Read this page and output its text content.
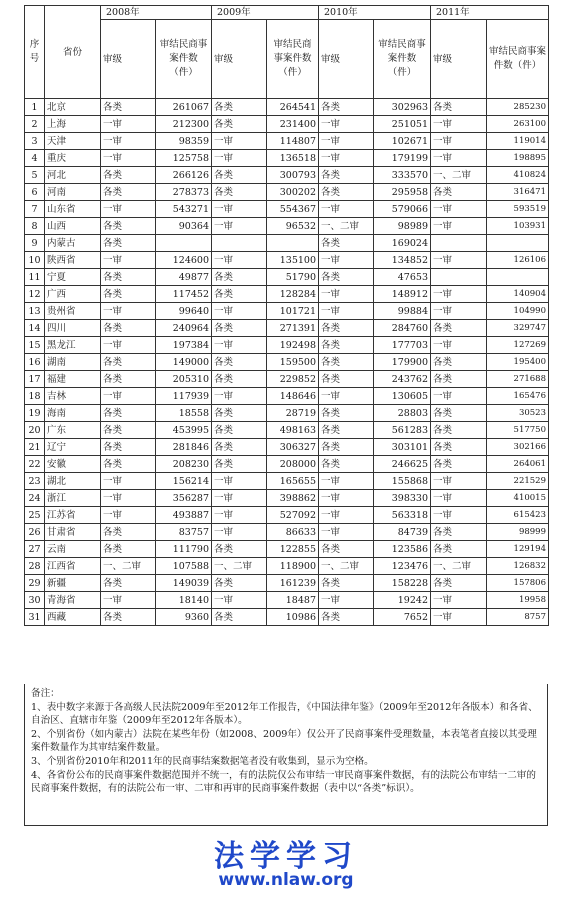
序号	省份	2008年		2009年		2010年		2011年	
		审级	审结民商事案件数（件）	审级	审结民商事案件数（件）	审级	审结民商事案件数（件）	审级	审结民商事案件数（件）
1	北京	各类	261067	各类	264541	各类	302963	各类	285230
2	上海	一审	212300	各类	231400	一审	251051	一审	263100
3	天津	一审	98359	一审	114807	一审	102671	一审	119014
4	重庆	一审	125758	一审	136518	一审	179199	一审	198895
5	河北	各类	266126	各类	300793	各类	333570	一、二审	410824
6	河南	各类	278373	各类	300202	各类	295958	各类	316471
7	山东省	一审	543271	一审	554367	一审	579066	一审	593519
8	山西	各类	90364	一审	96532	一、二审	98989	一审	103931
9	内蒙古	各类				各类	169024		
10	陕西省	一审	124600	一审	135100	一审	134852	一审	126106
11	宁夏	各类	49877	各类	51790	各类	47653		
12	广西	各类	117452	各类	128284	一审	148912	一审	140904
13	贵州省	一审	99640	一审	101721	一审	99884	一审	104990
14	四川	各类	240964	各类	271391	各类	284760	各类	329747
15	黑龙江	一审	197384	一审	192498	各类	177703	一审	127269
16	湖南	各类	149000	各类	159500	各类	179900	各类	195400
17	福建	各类	205310	各类	229852	各类	243762	各类	271688
18	吉林	一审	117939	一审	148646	一审	130605	一审	165476
19	海南	各类	18558	各类	28719	各类	28803	各类	30523
20	广东	各类	453995	各类	498163	各类	561283	各类	517750
21	辽宁	各类	281846	各类	306327	各类	303101	各类	302166
22	安徽	各类	208230	各类	208000	各类	246625	各类	264061
23	湖北	一审	156214	一审	165655	一审	155868	一审	221529
24	浙江	一审	356287	一审	398862	一审	398330	一审	410015
25	江苏省	一审	493887	一审	527092	一审	563318	一审	615423
26	甘肃省	各类	83757	一审	86633	一审	84739	各类	98999
27	云南	各类	111790	各类	122855	各类	123586	各类	129194
28	江西省	一、二审	107588	一、二审	118900	一、二审	123476	一、二审	126832
29	新疆	各类	149039	各类	161239	各类	158228	各类	157806
30	青海省	一审	18140	一审	18487	一审	19242	一审	19958
31	西藏	各类	9360	各类	10986	各类	7652	一审	8757

备注：

1、表中数字来源于各高级人民法院2009年至2012年工作报告，《中国法律年鉴》（2009年至2012年各版本）和各省、自治区、直辖市年鉴（2009年至2012年各版本）。

2、个别省份（如内蒙古）法院在某些年份（如2008、2009年）仅公开了民商事案件受理数量，本表笔者直接以其受理案件数量作为其审结案件数量。

3、个别省份2010年和2011年的民商事结案数据笔者没有收集到，显示为空格。

4、各省份公布的民商事案件数据范围并不统一，有的法院仅公布审结一审民商事案件数据，有的法院公布审结一二审的民商事案件数据，有的法院公布一审、二审和再审的民商事案件数据（表中以“各类”标识）。

法学学习
www.nlaw.org
